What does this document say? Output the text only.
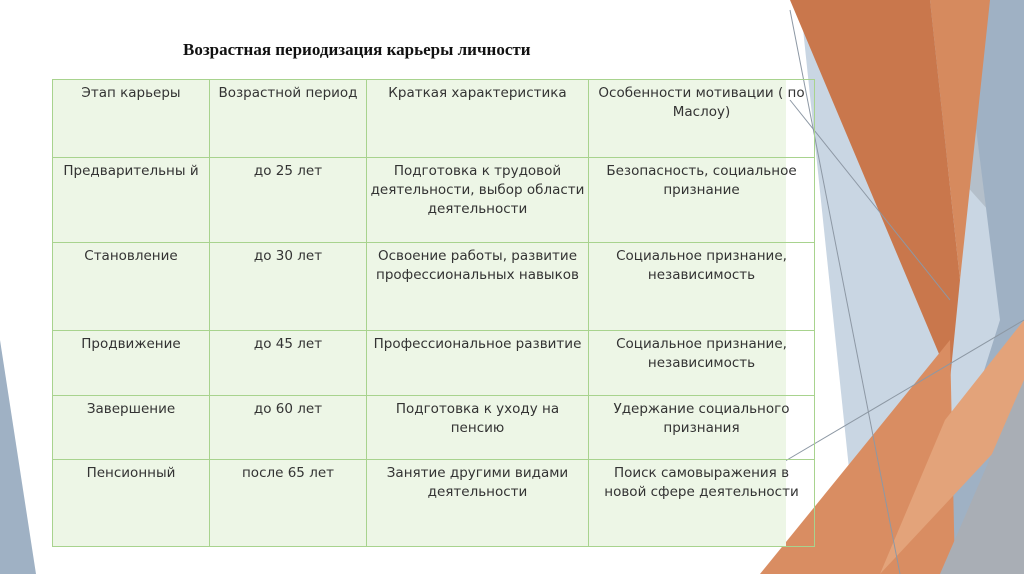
Возрастная периодизация карьеры личности
Этап карьеры	Возрастной период	Краткая характеристика	Особенности мотивации ( по Маслоу)
Предварительны й	до 25 лет	Подготовка к трудовой деятельности, выбор области деятельности	Безопасность, социальное признание
Становление	до 30 лет	Освоение работы, развитие профессиональных навыков	Социальное признание, независимость
Продвижение	до 45 лет	Профессиональное развитие	Социальное признание, независимость
Завершение	до 60 лет	Подготовка к уходу на пенсию	Удержание социального признания
Пенсионный	после 65 лет	Занятие другими видами деятельности	Поиск самовыражения в новой сфере деятельности
